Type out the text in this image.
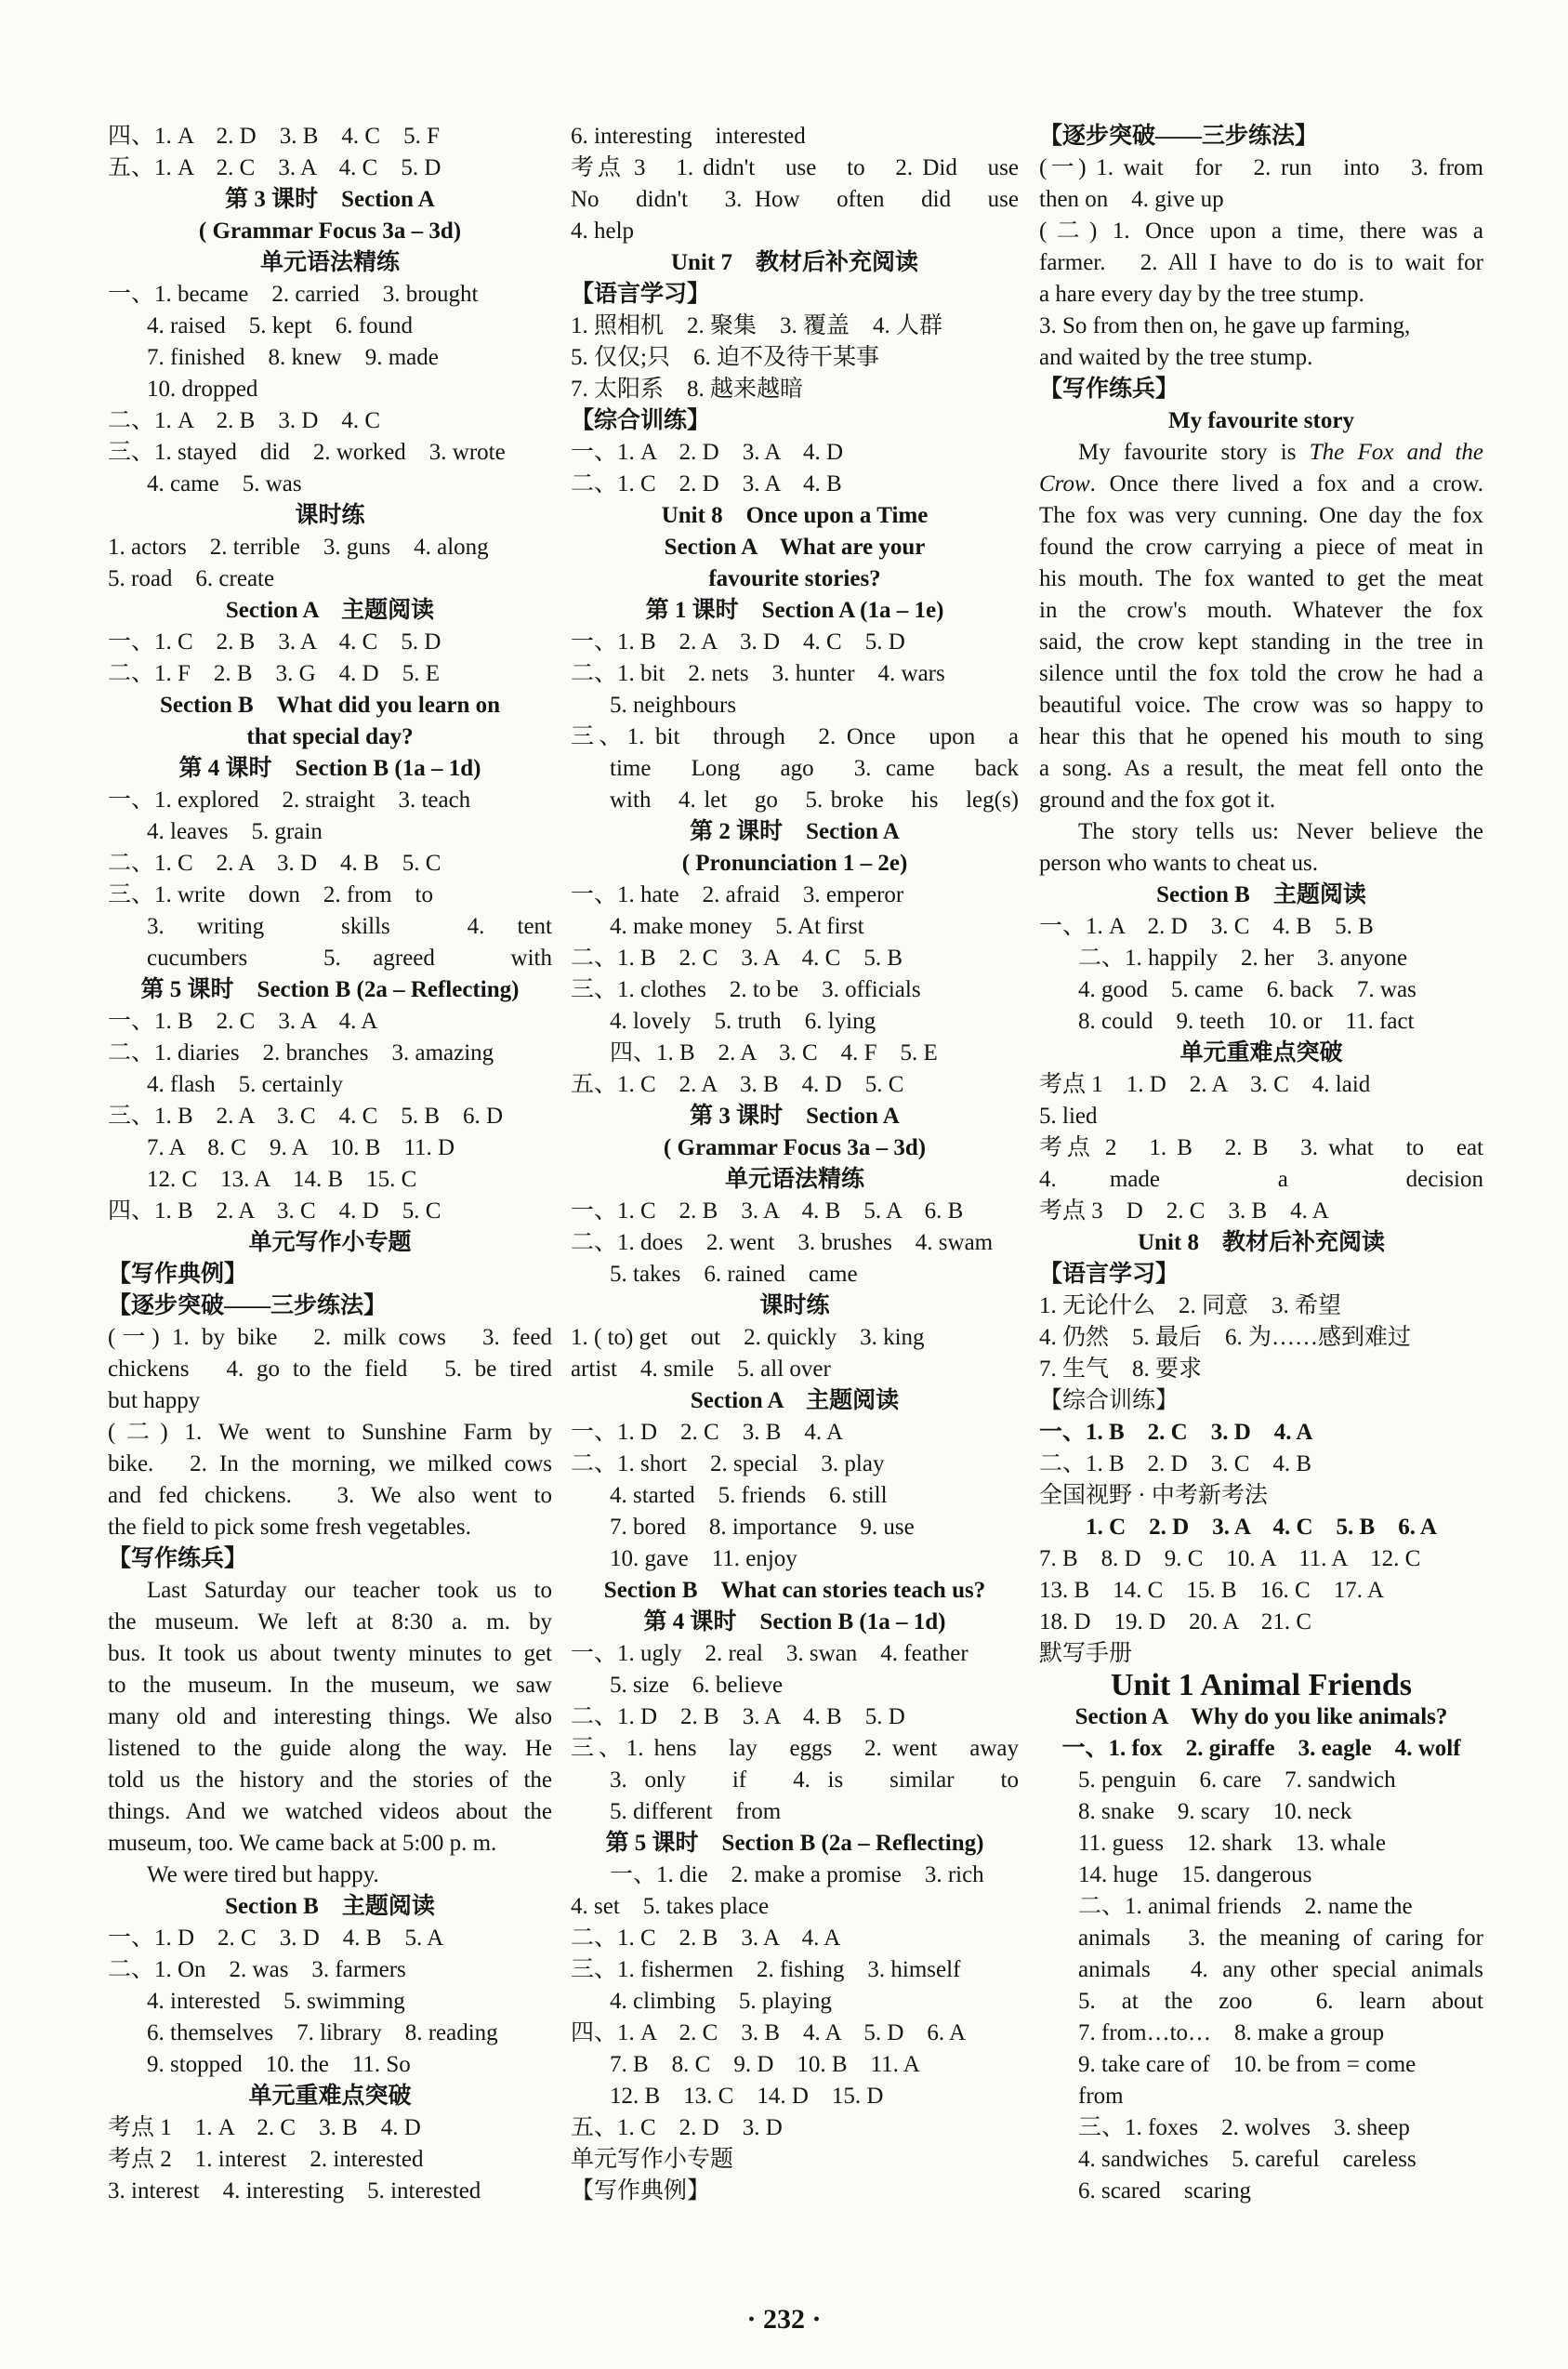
四、1. A　2. D　3. B　4. C　5. F
五、1. A　2. C　3. A　4. C　5. D
第 3 课时　Section A
( Grammar Focus 3a – 3d)
单元语法精练
一、1. became　2. carried　3. brought
4. raised　5. kept　6. found
7. finished　8. knew　9. made
10. dropped
二、1. A　2. B　3. D　4. C
三、1. stayed　did　2. worked　3. wrote
4. came　5. was
课时练
1. actors　2. terrible　3. guns　4. along
5. road　6. create
Section A　主题阅读
一、1. C　2. B　3. A　4. C　5. D
二、1. F　2. B　3. G　4. D　5. E
Section B　What did you learn on
that special day?
第 4 课时　Section B (1a – 1d)
一、1. explored　2. straight　3. teach
4. leaves　5. grain
二、1. C　2. A　3. D　4. B　5. C
三、1. write　down　2. from　to
3. writing　skills　4. tent
cucumbers　5. agreed　with
第 5 课时　Section B (2a – Reflecting)
一、1. B　2. C　3. A　4. A
二、1. diaries　2. branches　3. amazing
4. flash　5. certainly
三、1. B　2. A　3. C　4. C　5. B　6. D
7. A　8. C　9. A　10. B　11. D
12. C　13. A　14. B　15. C
四、1. B　2. A　3. C　4. D　5. C
单元写作小专题
【写作典例】
【逐步突破——三步练法】
(一) 1. by bike　2. milk cows　3. feed
chickens　4. go to the field　5. be tired
but happy
(二) 1. We went to Sunshine Farm by
bike.　2. In the morning, we milked cows
and fed chickens.　3. We also went to
the field to pick some fresh vegetables.
【写作练兵】
Last Saturday our teacher took us to
the museum. We left at 8:30 a. m. by
bus. It took us about twenty minutes to get
to the museum. In the museum, we saw
many old and interesting things. We also
listened to the guide along the way. He
told us the history and the stories of the
things. And we watched videos about the
museum, too. We came back at 5:00 p. m.
We were tired but happy.
Section B　主题阅读
一、1. D　2. C　3. D　4. B　5. A
二、1. On　2. was　3. farmers
4. interested　5. swimming
6. themselves　7. library　8. reading
9. stopped　10. the　11. So
单元重难点突破
考点 1　1. A　2. C　3. B　4. D
考点 2　1. interest　2. interested
3. interest　4. interesting　5. interested
6. interesting　interested
考点 3　1. didn't　use　to　2. Did　use
No　didn't　3. How　often　did　use
4. help
Unit 7　教材后补充阅读
【语言学习】
1. 照相机　2. 聚集　3. 覆盖　4. 人群
5. 仅仅;只　6. 迫不及待干某事
7. 太阳系　8. 越来越暗
【综合训练】
一、1. A　2. D　3. A　4. D
二、1. C　2. D　3. A　4. B
Unit 8　Once upon a Time
Section A　What are your
favourite stories?
第 1 课时　Section A (1a – 1e)
一、1. B　2. A　3. D　4. C　5. D
二、1. bit　2. nets　3. hunter　4. wars
5. neighbours
三、1. bit　through　2. Once　upon　a
time　Long　ago　3. came　back
with　4. let　go　5. broke　his　leg(s)
第 2 课时　Section A
( Pronunciation 1 – 2e)
一、1. hate　2. afraid　3. emperor
4. make money　5. At first
二、1. B　2. C　3. A　4. C　5. B
三、1. clothes　2. to be　3. officials
4. lovely　5. truth　6. lying
四、1. B　2. A　3. C　4. F　5. E
五、1. C　2. A　3. B　4. D　5. C
第 3 课时　Section A
( Grammar Focus 3a – 3d)
单元语法精练
一、1. C　2. B　3. A　4. B　5. A　6. B
二、1. does　2. went　3. brushes　4. swam
5. takes　6. rained　came
课时练
1. ( to) get　out　2. quickly　3. king
artist　4. smile　5. all over
Section A　主题阅读
一、1. D　2. C　3. B　4. A
二、1. short　2. special　3. play
4. started　5. friends　6. still
7. bored　8. importance　9. use
10. gave　11. enjoy
Section B　What can stories teach us?
第 4 课时　Section B (1a – 1d)
一、1. ugly　2. real　3. swan　4. feather
5. size　6. believe
二、1. D　2. B　3. A　4. B　5. D
三、1. hens　lay　eggs　2. went　away
3. only　if　4. is　similar　to
5. different　from
第 5 课时　Section B (2a – Reflecting)
一、1. die　2. make a promise　3. rich
4. set　5. takes place
二、1. C　2. B　3. A　4. A
三、1. fishermen　2. fishing　3. himself
4. climbing　5. playing
四、1. A　2. C　3. B　4. A　5. D　6. A
7. B　8. C　9. D　10. B　11. A
12. B　13. C　14. D　15. D
五、1. C　2. D　3. D
单元写作小专题
【写作典例】
【逐步突破——三步练法】
(一) 1. wait　for　2. run　into　3. from
then on　4. give up
(二) 1. Once upon a time, there was a
farmer.　2. All I have to do is to wait for
a hare every day by the tree stump.
3. So from then on, he gave up farming,
and waited by the tree stump.
【写作练兵】
My favourite story
My favourite story is The Fox and the
Crow. Once there lived a fox and a crow.
The fox was very cunning. One day the fox
found the crow carrying a piece of meat in
his mouth. The fox wanted to get the meat
in the crow's mouth. Whatever the fox
said, the crow kept standing in the tree in
silence until the fox told the crow he had a
beautiful voice. The crow was so happy to
hear this that he opened his mouth to sing
a song. As a result, the meat fell onto the
ground and the fox got it.
The story tells us: Never believe the
person who wants to cheat us.
Section B　主题阅读
一、1. A　2. D　3. C　4. B　5. B
二、1. happily　2. her　3. anyone
4. good　5. came　6. back　7. was
8. could　9. teeth　10. or　11. fact
单元重难点突破
考点 1　1. D　2. A　3. C　4. laid
5. lied
考点 2　1. B　2. B　3. what　to　eat
4. made　a　decision
考点 3　D　2. C　3. B　4. A
Unit 8　教材后补充阅读
【语言学习】
1. 无论什么　2. 同意　3. 希望
4. 仍然　5. 最后　6. 为……感到难过
7. 生气　8. 要求
【综合训练】
一、1. B　2. C　3. D　4. A
二、1. B　2. D　3. C　4. B
全国视野 · 中考新考法
1. C　2. D　3. A　4. C　5. B　6. A
7. B　8. D　9. C　10. A　11. A　12. C
13. B　14. C　15. B　16. C　17. A
18. D　19. D　20. A　21. C
默写手册
Unit 1 Animal Friends
Section A　Why do you like animals?
一、1. fox　2. giraffe　3. eagle　4. wolf
5. penguin　6. care　7. sandwich
8. snake　9. scary　10. neck
11. guess　12. shark　13. whale
14. huge　15. dangerous
二、1. animal friends　2. name the
animals　3. the meaning of caring for
animals　4. any other special animals
5. at the zoo　6. learn about
7. from…to…　8. make a group
9. take care of　10. be from = come
from
三、1. foxes　2. wolves　3. sheep
4. sandwiches　5. careful　careless
6. scared　scaring
· 232 ·
